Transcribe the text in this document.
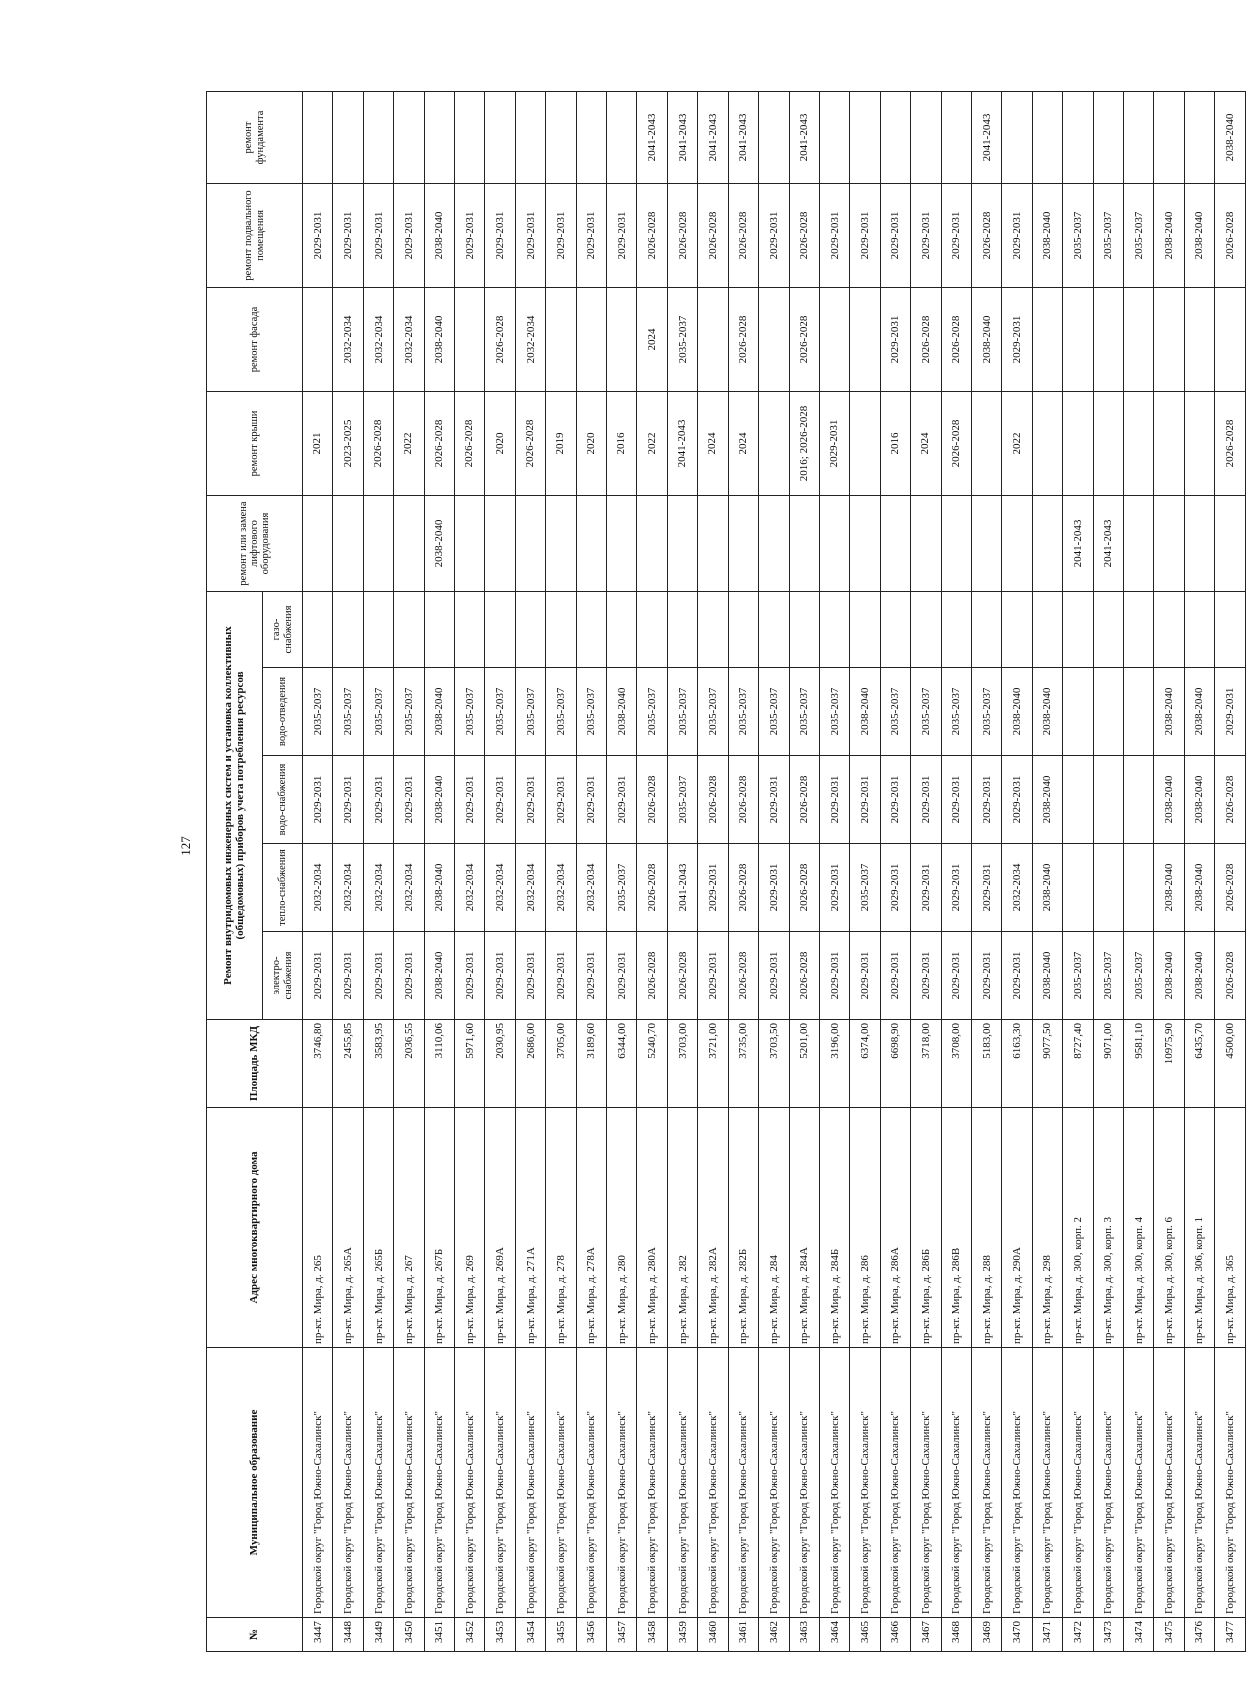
127
№	Муниципальное образование	Адрес многоквартирного дома	Площадь МКД	Ремонт внутридомовых инженерных систем и установка коллективных (общедомовых) приборов учета потребления ресурсов					ремонт или замена лифтового оборудования	ремонт крыши	ремонт фасада	ремонт подвального помещения	ремонт фундамента
				электро-снабжения	тепло-снабжения	водо-снабжения	водо-отведения	газо-снабжения					
3447	Городской округ "Город Южно-Сахалинск"	пр-кт. Мира, д. 265	3746,80	2029-2031	2032-2034	2029-2031	2035-2037			2021		2029-2031	
3448	Городской округ "Город Южно-Сахалинск"	пр-кт. Мира, д. 265А	2455,85	2029-2031	2032-2034	2029-2031	2035-2037			2023-2025	2032-2034	2029-2031	
3449	Городской округ "Город Южно-Сахалинск"	пр-кт. Мира, д. 265Б	3583,95	2029-2031	2032-2034	2029-2031	2035-2037			2026-2028	2032-2034	2029-2031	
3450	Городской округ "Город Южно-Сахалинск"	пр-кт. Мира, д. 267	2036,55	2029-2031	2032-2034	2029-2031	2035-2037			2022	2032-2034	2029-2031	
3451	Городской округ "Город Южно-Сахалинск"	пр-кт. Мира, д. 267Б	3110,06	2038-2040	2038-2040	2038-2040	2038-2040		2038-2040	2026-2028	2038-2040	2038-2040	
3452	Городской округ "Город Южно-Сахалинск"	пр-кт. Мира, д. 269	5971,60	2029-2031	2032-2034	2029-2031	2035-2037			2026-2028		2029-2031	
3453	Городской округ "Город Южно-Сахалинск"	пр-кт. Мира, д. 269А	2030,95	2029-2031	2032-2034	2029-2031	2035-2037			2020	2026-2028	2029-2031	
3454	Городской округ "Город Южно-Сахалинск"	пр-кт. Мира, д. 271А	2686,00	2029-2031	2032-2034	2029-2031	2035-2037			2026-2028	2032-2034	2029-2031	
3455	Городской округ "Город Южно-Сахалинск"	пр-кт. Мира, д. 278	3705,00	2029-2031	2032-2034	2029-2031	2035-2037			2019		2029-2031	
3456	Городской округ "Город Южно-Сахалинск"	пр-кт. Мира, д. 278А	3189,60	2029-2031	2032-2034	2029-2031	2035-2037			2020		2029-2031	
3457	Городской округ "Город Южно-Сахалинск"	пр-кт. Мира, д. 280	6344,00	2029-2031	2035-2037	2029-2031	2038-2040			2016		2029-2031	
3458	Городской округ "Город Южно-Сахалинск"	пр-кт. Мира, д. 280А	5240,70	2026-2028	2026-2028	2026-2028	2035-2037			2022	2024	2026-2028	2041-2043
3459	Городской округ "Город Южно-Сахалинск"	пр-кт. Мира, д. 282	3703,00	2026-2028	2041-2043	2035-2037	2035-2037			2041-2043	2035-2037	2026-2028	2041-2043
3460	Городской округ "Город Южно-Сахалинск"	пр-кт. Мира, д. 282А	3721,00	2029-2031	2029-2031	2026-2028	2035-2037			2024		2026-2028	2041-2043
3461	Городской округ "Город Южно-Сахалинск"	пр-кт. Мира, д. 282Б	3735,00	2026-2028	2026-2028	2026-2028	2035-2037			2024	2026-2028	2026-2028	2041-2043
3462	Городской округ "Город Южно-Сахалинск"	пр-кт. Мира, д. 284	3703,50	2029-2031	2029-2031	2029-2031	2035-2037					2029-2031	
3463	Городской округ "Город Южно-Сахалинск"	пр-кт. Мира, д. 284А	5201,00	2026-2028	2026-2028	2026-2028	2035-2037			2016; 2026-2028	2026-2028	2026-2028	2041-2043
3464	Городской округ "Город Южно-Сахалинск"	пр-кт. Мира, д. 284Б	3196,00	2029-2031	2029-2031	2029-2031	2035-2037			2029-2031		2029-2031	
3465	Городской округ "Город Южно-Сахалинск"	пр-кт. Мира, д. 286	6374,00	2029-2031	2035-2037	2029-2031	2038-2040					2029-2031	
3466	Городской округ "Город Южно-Сахалинск"	пр-кт. Мира, д. 286А	6698,90	2029-2031	2029-2031	2029-2031	2035-2037			2016	2029-2031	2029-2031	
3467	Городской округ "Город Южно-Сахалинск"	пр-кт. Мира, д. 286Б	3718,00	2029-2031	2029-2031	2029-2031	2035-2037			2024	2026-2028	2029-2031	
3468	Городской округ "Город Южно-Сахалинск"	пр-кт. Мира, д. 286В	3708,00	2029-2031	2029-2031	2029-2031	2035-2037			2026-2028	2026-2028	2029-2031	
3469	Городской округ "Город Южно-Сахалинск"	пр-кт. Мира, д. 288	5183,00	2029-2031	2029-2031	2029-2031	2035-2037				2038-2040	2026-2028	2041-2043
3470	Городской округ "Город Южно-Сахалинск"	пр-кт. Мира, д. 290А	6163,30	2029-2031	2032-2034	2029-2031	2038-2040			2022	2029-2031	2029-2031	
3471	Городской округ "Город Южно-Сахалинск"	пр-кт. Мира, д. 298	9077,50	2038-2040	2038-2040	2038-2040	2038-2040					2038-2040	
3472	Городской округ "Город Южно-Сахалинск"	пр-кт. Мира, д. 300, корп. 2	8727,40	2035-2037					2041-2043			2035-2037	
3473	Городской округ "Город Южно-Сахалинск"	пр-кт. Мира, д. 300, корп. 3	9071,00	2035-2037					2041-2043			2035-2037	
3474	Городской округ "Город Южно-Сахалинск"	пр-кт. Мира, д. 300, корп. 4	9581,10	2035-2037								2035-2037	
3475	Городской округ "Город Южно-Сахалинск"	пр-кт. Мира, д. 300, корп. 6	10975,90	2038-2040	2038-2040	2038-2040	2038-2040					2038-2040	
3476	Городской округ "Город Южно-Сахалинск"	пр-кт. Мира, д. 306, корп. 1	6435,70	2038-2040	2038-2040	2038-2040	2038-2040					2038-2040	
3477	Городской округ "Город Южно-Сахалинск"	пр-кт. Мира, д. 365	4500,00	2026-2028	2026-2028	2026-2028	2029-2031			2026-2028		2026-2028	2038-2040
